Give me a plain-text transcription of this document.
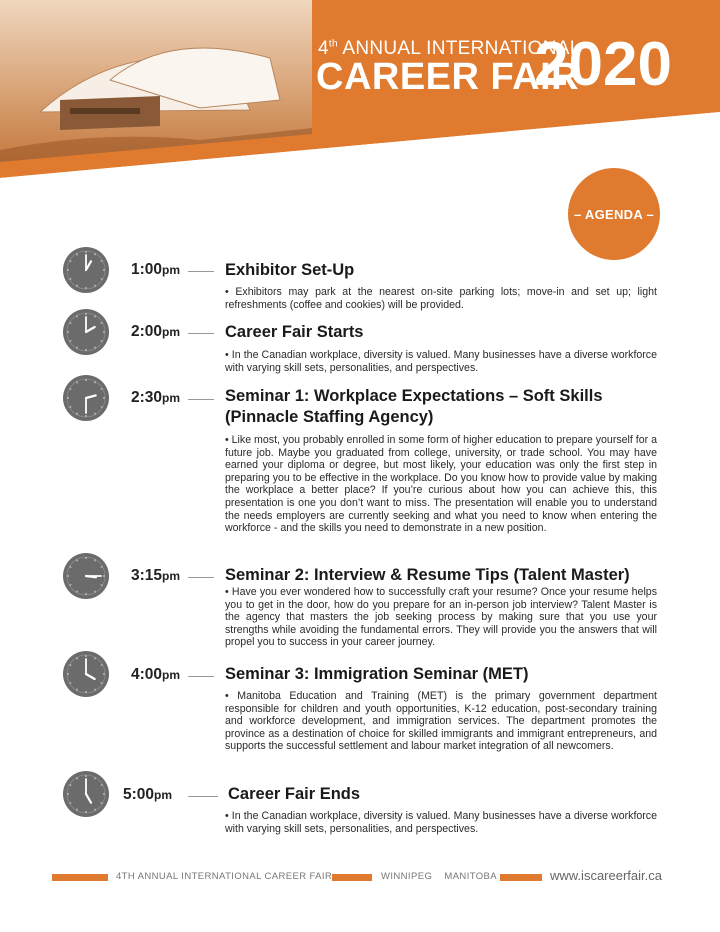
4th ANNUAL INTERNATIONAL
CAREER FAIR
2020
– AGENDA –
1:00pm	Exhibitor Set-Up
• Exhibitors may park at the nearest on-site parking lots; move-in and set up; light refreshments (coffee and cookies) will be provided.
2:00pm	Career Fair Starts
• In the Canadian workplace, diversity is valued. Many businesses have a diverse workforce with varying skill sets, personalities, and perspectives.
2:30pm	Seminar 1: Workplace Expectations – Soft Skills (Pinnacle Staffing Agency)
• Like most, you probably enrolled in some form of higher education to prepare yourself for a future job. Maybe you graduated from college, university, or trade school. You may have earned your diploma or degree, but most likely, your education was only the first step in preparing you to be effective in the workplace. Do you know how to provide value by making the workplace a better place? If you’re curious about how you can achieve this, this presentation is one you don’t want to miss. The presentation will enable you to understand the needs employers are currently seeking and what you need to know when entering the workforce - and the skills you need to demonstrate in a new position.
3:15pm	Seminar 2: Interview & Resume Tips (Talent Master)
• Have you ever wondered how to successfully craft your resume? Once your resume helps you to get in the door, how do you prepare for an in-person job interview? Talent Master is the agency that masters the job seeking process by making sure that you use your strengths while avoiding the fundamental errors. They will provide you the answers that will propel you to success in your career journey.
4:00pm	Seminar 3: Immigration Seminar (MET)
• Manitoba Education and Training (MET) is the primary government department responsible for children and youth opportunities, K-12 education, post-secondary training and workforce development, and immigration services. The department promotes the province as a destination of choice for skilled immigrants and immigrant entrepreneurs, and supports the successful settlement and labour market integration of all newcomers.
5:00pm	Career Fair Ends
• In the Canadian workplace, diversity is valued. Many businesses have a diverse workforce with varying skill sets, personalities, and perspectives.
4TH ANNUAL INTERNATIONAL CAREER FAIR	WINNIPEG    MANITOBA	www.iscareerfair.ca
